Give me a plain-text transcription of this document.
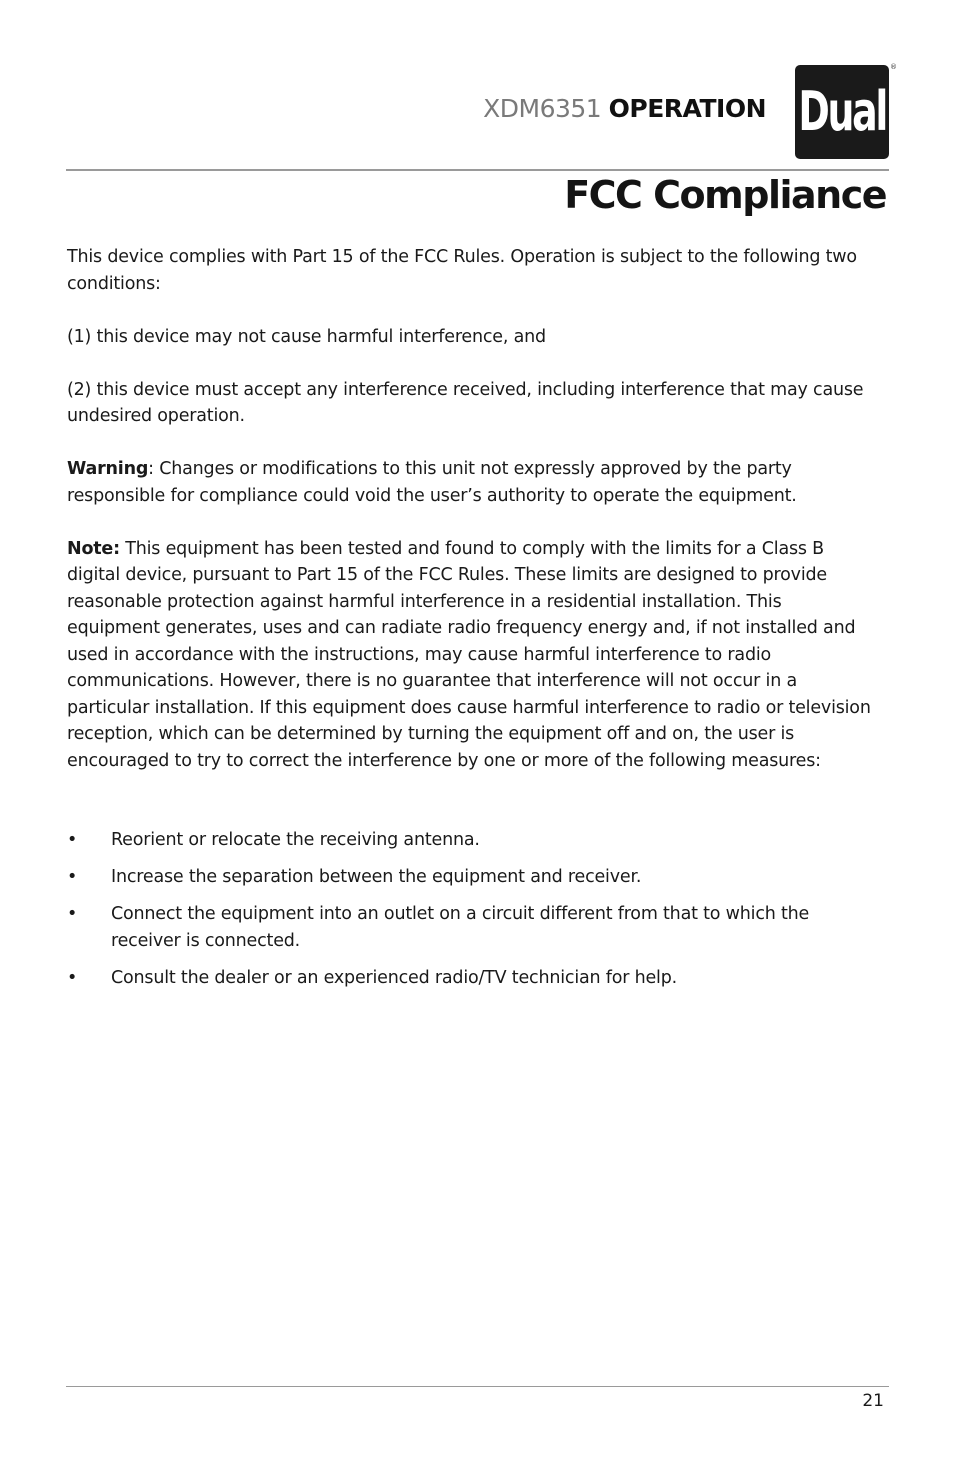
XDM6351 OPERATION Dual
®
FCC Compliance

This device complies with Part 15 of the FCC Rules. Operation is subject to the following two conditions:

(1) this device may not cause harmful interference, and

(2) this device must accept any interference received, including interference that may cause undesired operation.

Warning: Changes or modifications to this unit not expressly approved by the party responsible for compliance could void the user’s authority to operate the equipment.

Note: This equipment has been tested and found to comply with the limits for a Class B digital device, pursuant to Part 15 of the FCC Rules. These limits are designed to provide reasonable protection against harmful interference in a residential installation. This equipment generates, uses and can radiate radio frequency energy and, if not installed and used in accordance with the instructions, may cause harmful interference to radio communications. However, there is no guarantee that interference will not occur in a particular installation. If this equipment does cause harmful interference to radio or television reception, which can be determined by turning the equipment off and on, the user is encouraged to try to correct the interference by one or more of the following measures:

• Reorient or relocate the receiving antenna.
• Increase the separation between the equipment and receiver.
• Connect the equipment into an outlet on a circuit different from that to which the receiver is connected.
• Consult the dealer or an experienced radio/TV technician for help.
21
